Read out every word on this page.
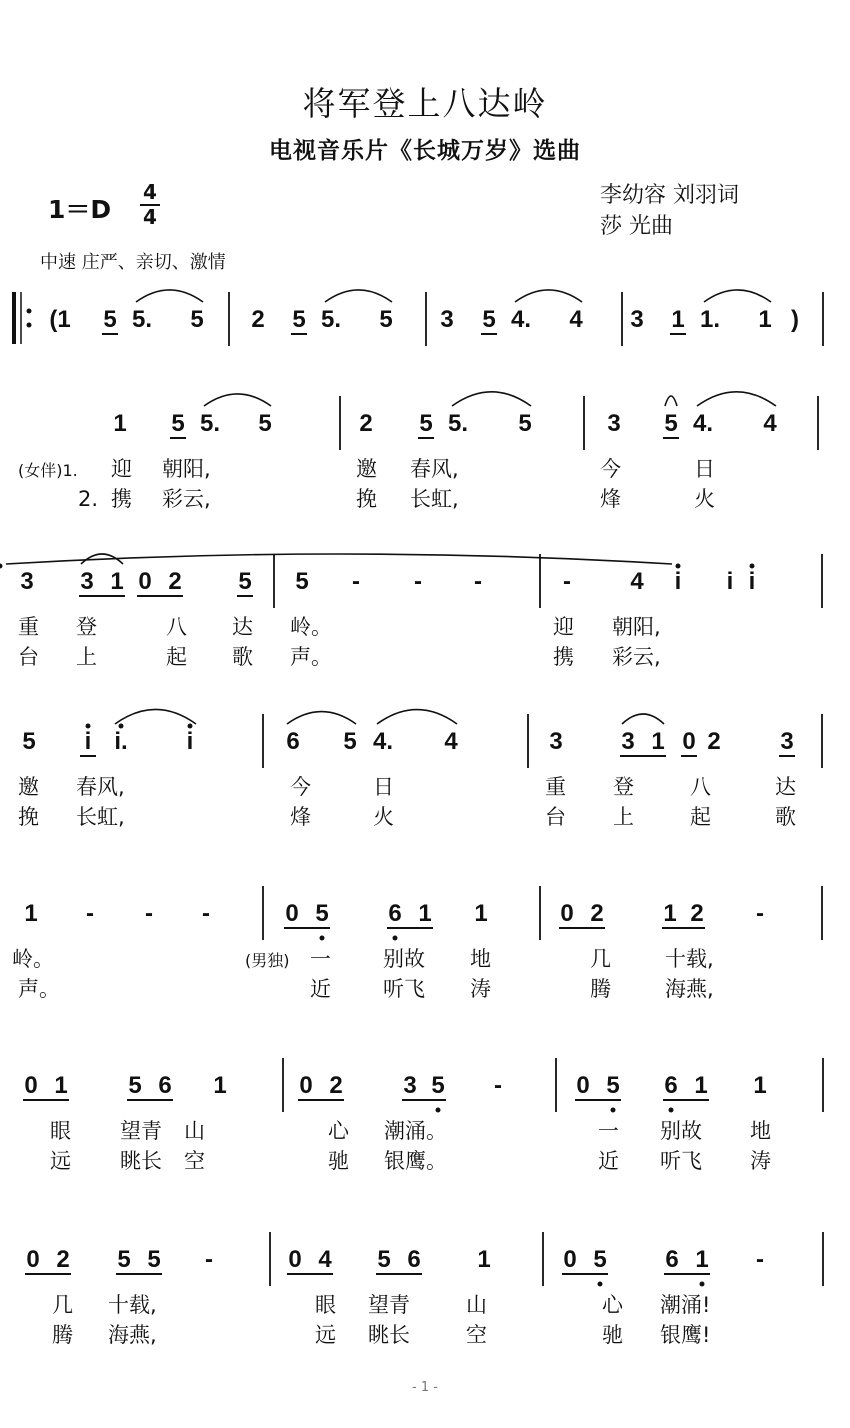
将军登上八达岭
电视音乐片《长城万岁》选曲
1＝D
4
4
李幼容 刘羽词
莎 光曲
中速 庄严、亲切、激情
(1 5 5. 5 2 5 5. 5 3 5 4. 4 3 1 1. 1 )
1 5 5. 5	2 5 5. 5	3 5 4. 4
(女伴)1. 迎 朝阳,	邀 春风,	今	日
2. 携 彩云,	挽 长虹,	烽	火
3 3 1 0 2 5 5 - - -	- 4 i	i
i
重 登	八 达 岭。	迎 朝阳,
台 上	起 歌 声。	携 彩云,
5 i i. i	6 5 4. 4	3 3 1 0 2 3
邀 春风,	今	日	重 登	八	达
挽 长虹,	烽	火	台 上	起	歌
1 - - -	0 5 6 1 1	0 2 1 2 -
岭。	(男独) 一 别故 地	几	十载,
声。	近 听飞 涛	腾	海燕,
0 1	5 6 1	0 2	3 5 -	0 5 6 1 1
眼 望青 山	心 潮涌。	一 别故 地
远 眺长 空	驰 银鹰。	近 听飞 涛
0 2 5 5 -	0 4 5 6 1	0 5 6 1 -
几 十载,	眼 望青	山	心 潮涌!
腾 海燕,	远 眺长	空	驰 银鹰!
- 1 -
